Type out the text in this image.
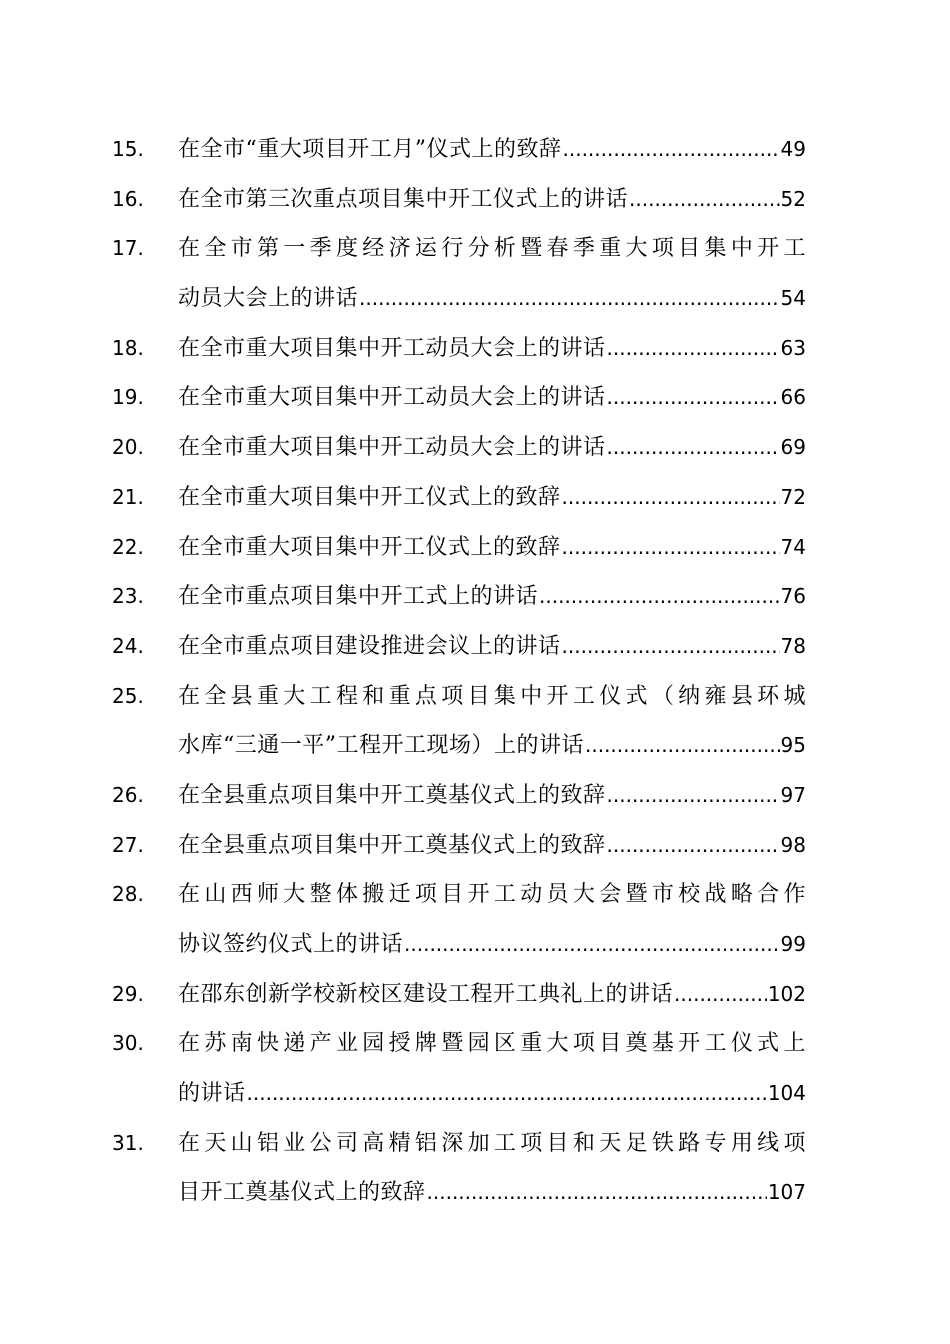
15. 在全市“重大项目开工月”仪式上的致辞 .....	49
16. 在全市第三次重点项目集中开工仪式上的讲话 .....	52
17. 在全市第一季度经济运行分析暨春季重大项目集中开工
动员大会上的讲话 .....	54
18. 在全市重大项目集中开工动员大会上的讲话 .....	63
19. 在全市重大项目集中开工动员大会上的讲话 .....	66
20. 在全市重大项目集中开工动员大会上的讲话 .....	69
21. 在全市重大项目集中开工仪式上的致辞 .....	72
22. 在全市重大项目集中开工仪式上的致辞 .....	74
23. 在全市重点项目集中开工式上的讲话 .....	76
24. 在全市重点项目建设推进会议上的讲话 .....	78
25. 在全县重大工程和重点项目集中开工仪式（纳雍县环城
水库“三通一平”工程开工现场）上的讲话 .....	95
26. 在全县重点项目集中开工奠基仪式上的致辞 .....	97
27. 在全县重点项目集中开工奠基仪式上的致辞 .....	98
28. 在山西师大整体搬迁项目开工动员大会暨市校战略合作
协议签约仪式上的讲话 .....	99
29. 在邵东创新学校新校区建设工程开工典礼上的讲话 .....	102
30. 在苏南快递产业园授牌暨园区重大项目奠基开工仪式上
的讲话 .....	104
31. 在天山铝业公司高精铝深加工项目和天足铁路专用线项
目开工奠基仪式上的致辞 .....	107
